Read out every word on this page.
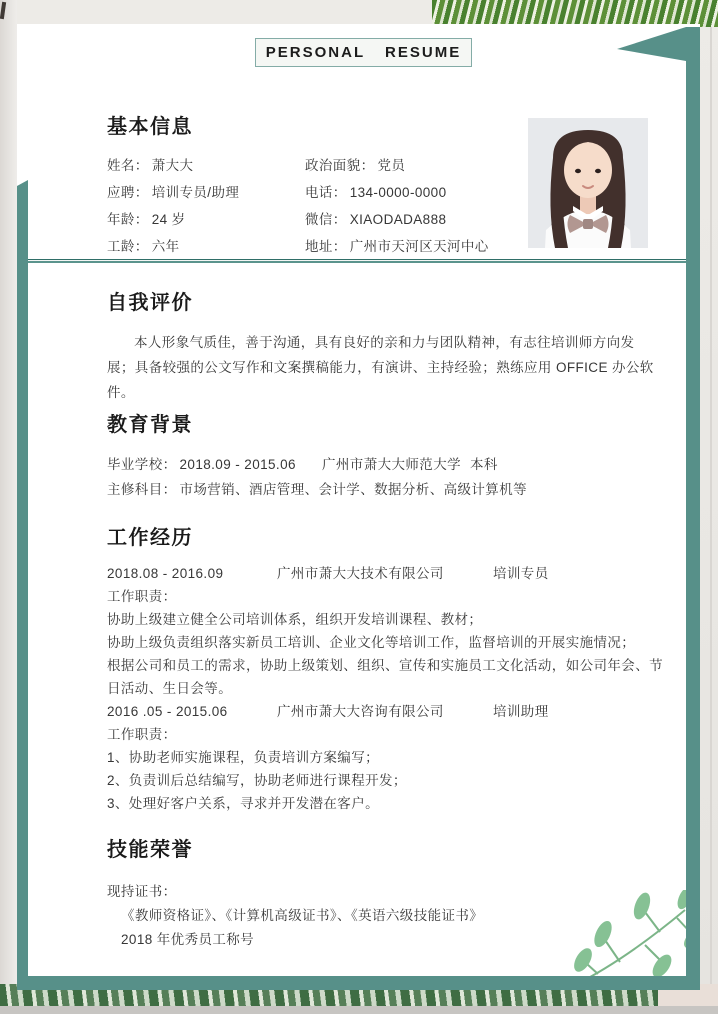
PERSONAL RESUME
基本信息
姓名： 萧大大
应聘： 培训专员/助理
年龄： 24 岁
工龄： 六年
政治面貌： 党员
电话： 134-0000-0000
微信： XIAODADA888
地址： 广州市天河区天河中心
自我评价

本人形象气质佳，善于沟通，具有良好的亲和力与团队精神，有志往培训师方向发展；具备较强的公文写作和文案撰稿能力，有演讲、主持经验；熟练应用 OFFICE 办公软件。

教育背景
毕业学校： 2018.09 - 2015.06	广州市萧大大师范大学 本科
主修科目： 市场营销、酒店管理、会计学、数据分析、高级计算机等
工作经历
2018.08 - 2016.09	广州市萧大大技术有限公司	培训专员
工作职责：
协助上级建立健全公司培训体系，组织开发培训课程、教材；
协助上级负责组织落实新员工培训、企业文化等培训工作，监督培训的开展实施情况；
根据公司和员工的需求，协助上级策划、组织、宣传和实施员工文化活动，如公司年会、节日活动、生日会等。
2016 .05 - 2015.06	广州市萧大大咨询有限公司	培训助理
工作职责：
1、协助老师实施课程，负责培训方案编写；
2、负责训后总结编写，协助老师进行课程开发；
3、处理好客户关系，寻求并开发潜在客户。
技能荣誉
现持证书：
《教师资格证》、《计算机高级证书》、《英语六级技能证书》
2018 年优秀员工称号
